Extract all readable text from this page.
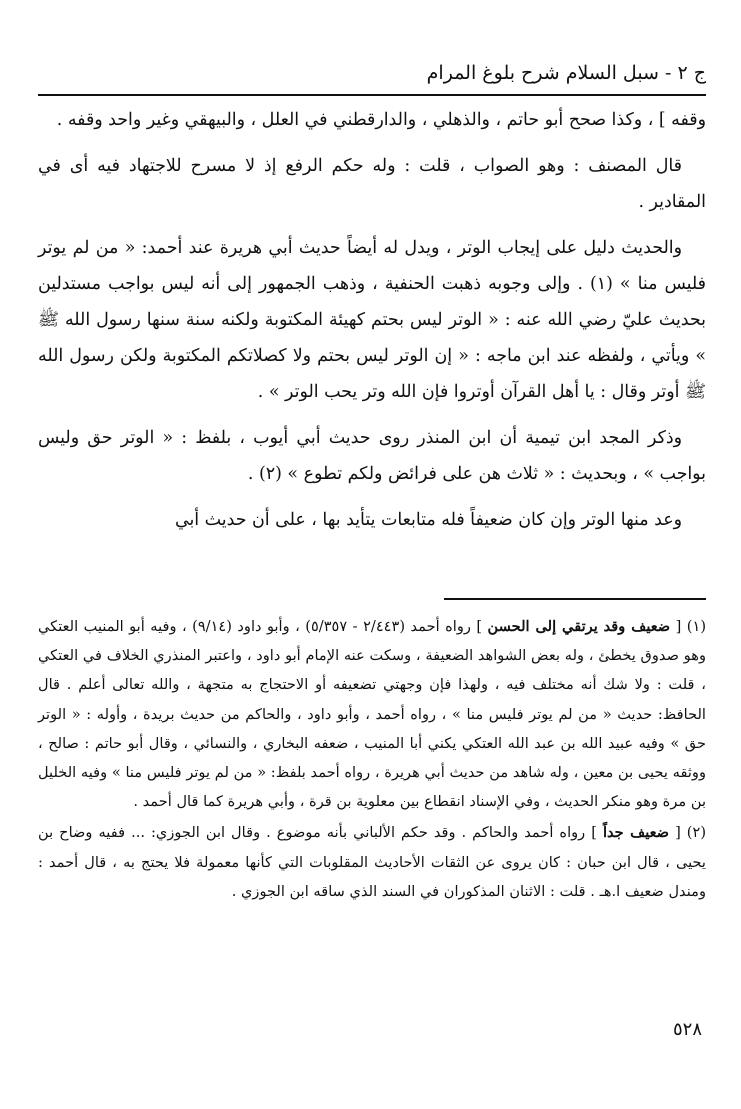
ج ٢ - سبل السلام شرح بلوغ المرام

وقفه ] ، وكذا صحح أبو حاتم ، والذهلي ، والدارقطني في العلل ، والبيهقي وغير واحد وقفه .

قال المصنف : وهو الصواب ، قلت : وله حكم الرفع إذ لا مسرح للاجتهاد فيه أى في المقادير .

والحديث دليل على إيجاب الوتر ، ويدل له أيضاً حديث أبي هريرة عند أحمد: « من لم يوتر فليس منا » (١) . وإلى وجوبه ذهبت الحنفية ، وذهب الجمهور إلى أنه ليس بواجب مستدلين بحديث عليّ رضي الله عنه : « الوتر ليس بحتم كهيئة المكتوبة ولكنه سنة سنها رسول الله ﷺ » ويأتي ، ولفظه عند ابن ماجه : « إن الوتر ليس بحتم ولا كصلاتكم المكتوبة ولكن رسول الله ﷺ أوتر وقال : يا أهل القرآن أوتروا فإن الله وتر يحب الوتر » .

وذكر المجد ابن تيمية أن ابن المنذر روى حديث أبي أيوب ، بلفظ : « الوتر حق وليس بواجب » ، وبحديث : « ثلاث هن على فرائض ولكم تطوع » (٢) .

وعد منها الوتر وإن كان ضعيفاً فله متابعات يتأيد بها ، على أن حديث أبي

(١) [ ضعيف وقد يرتقي إلى الحسن ] رواه أحمد (٢/٤٤٣ - ٥/٣٥٧) ، وأبو داود (٩/١٤) ، وفيه أبو المنيب العتكي وهو صدوق يخطئ ، وله بعض الشواهد الضعيفة ، وسكت عنه الإمام أبو داود ، واعتبر المنذري الخلاف في العتكي ، قلت : ولا شك أنه مختلف فيه ، ولهذا فإن وجهتي تضعيفه أو الاحتجاج به متجهة ، والله تعالى أعلم . قال الحافظ: حديث « من لم يوتر فليس منا » ، رواه أحمد ، وأبو داود ، والحاكم من حديث بريدة ، وأوله : « الوتر حق » وفيه عبيد الله بن عبد الله العتكي يكني أبا المنيب ، ضعفه البخاري ، والنسائي ، وقال أبو حاتم : صالح ، ووثقه يحيى بن معين ، وله شاهد من حديث أبي هريرة ، رواه أحمد بلفظ: « من لم يوتر فليس منا » وفيه الخليل بن مرة وهو منكر الحديث ، وفي الإسناد انقطاع بين معلوية بن قرة ، وأبي هريرة كما قال أحمد .

(٢) [ ضعيف جداً ] رواه أحمد والحاكم . وقد حكم الألباني بأنه موضوع . وقال ابن الجوزي: ... ففيه وضاح بن يحيى ، قال ابن حبان : كان يروى عن الثقات الأحاديث المقلوبات التي كأنها معمولة فلا يحتج به ، قال أحمد : ومندل ضعيف ا.هـ . قلت : الاثنان المذكوران في السند الذي ساقه ابن الجوزي .

٥٢٨
